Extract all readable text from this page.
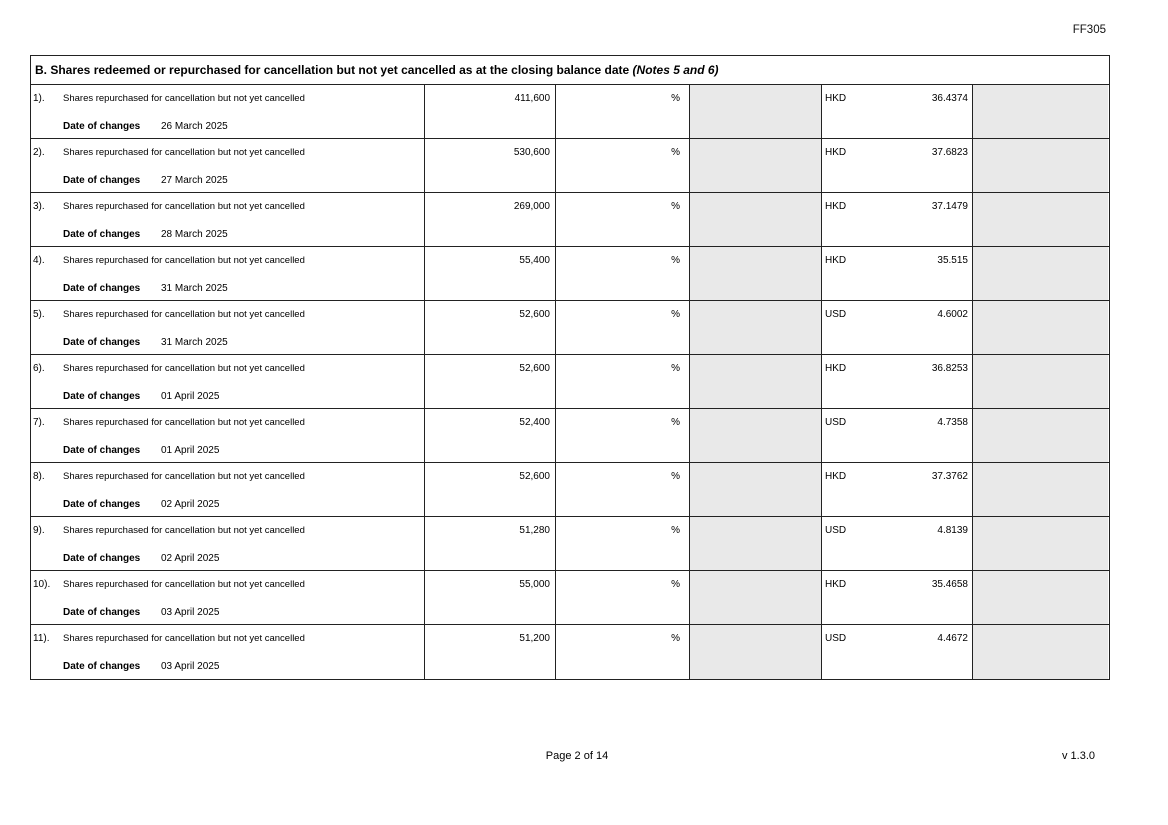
FF305
B. Shares redeemed or repurchased for cancellation but not yet cancelled as at the closing balance date (Notes 5 and 6)
1). Shares repurchased for cancellation but not yet cancelled
Date of changes 26 March 2025
411,600	%	HKD	36.4374
2). Shares repurchased for cancellation but not yet cancelled
Date of changes 27 March 2025
530,600	%	HKD	37.6823
3). Shares repurchased for cancellation but not yet cancelled
Date of changes 28 March 2025
269,000	%	HKD	37.1479
4). Shares repurchased for cancellation but not yet cancelled
Date of changes 31 March 2025
55,400	%	HKD	35.515
5). Shares repurchased for cancellation but not yet cancelled
Date of changes 31 March 2025
52,600	%	USD	4.6002
6). Shares repurchased for cancellation but not yet cancelled
Date of changes 01 April 2025
52,600	%	HKD	36.8253
7). Shares repurchased for cancellation but not yet cancelled
Date of changes 01 April 2025
52,400	%	USD	4.7358
8). Shares repurchased for cancellation but not yet cancelled
Date of changes 02 April 2025
52,600	%	HKD	37.3762
9). Shares repurchased for cancellation but not yet cancelled
Date of changes 02 April 2025
51,280	%	USD	4.8139
10). Shares repurchased for cancellation but not yet cancelled
Date of changes 03 April 2025
55,000	%	HKD	35.4658
11). Shares repurchased for cancellation but not yet cancelled
Date of changes 03 April 2025
51,200	%	USD	4.4672
Page 2 of 14	v 1.3.0
